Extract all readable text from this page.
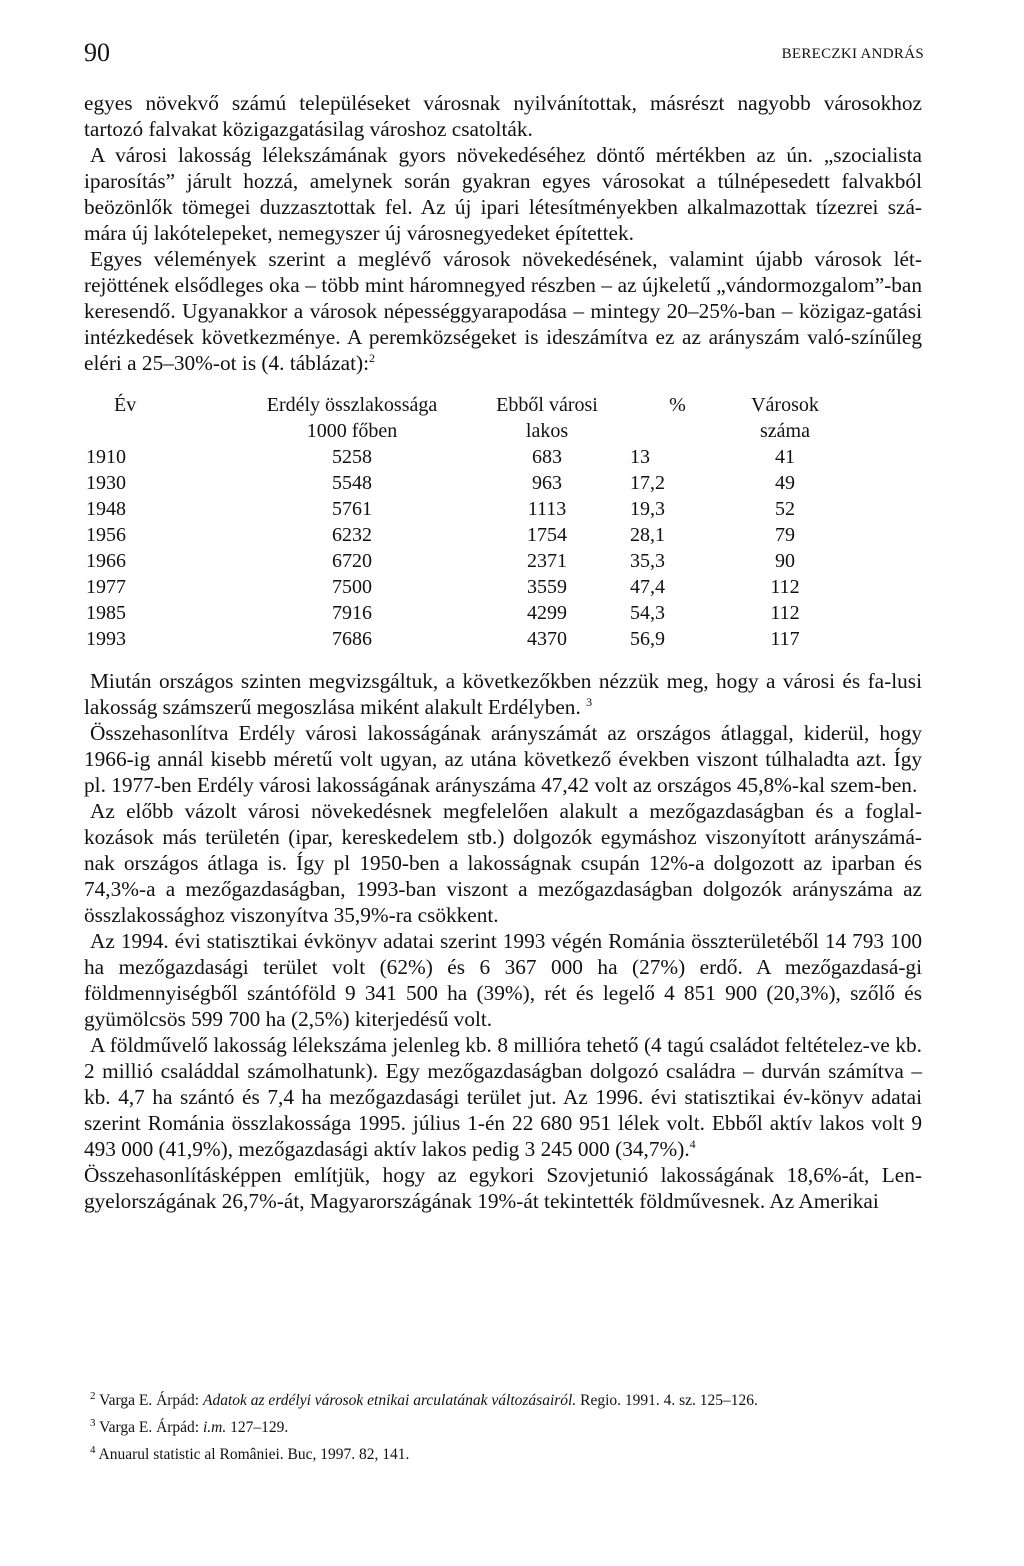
90	BERECZKI ANDRÁS

egyes növekvő számú településeket városnak nyilvánítottak, másrészt nagyobb városokhoz tartozó falvakat közigazgatásilag városhoz csatolták.

A városi lakosság lélekszámának gyors növekedéséhez döntő mértékben az ún. „szocialista iparosítás” járult hozzá, amelynek során gyakran egyes városokat a túlnépesedett falvakból beözönlők tömegei duzzasztottak fel. Az új ipari létesítményekben alkalmazottak tízezrei szá-mára új lakótelepeket, nemegyszer új városnegyedeket építettek.

Egyes vélemények szerint a meglévő városok növekedésének, valamint újabb városok lét-rejöttének elsődleges oka – több mint háromnegyed részben – az újkeletű „vándormozgalom”-ban keresendő. Ugyanakkor a városok népességgyarapodása – mintegy 20–25%-ban – közigaz-gatási intézkedések következménye. A peremközségeket is ideszámítva ez az arányszám való-színűleg eléri a 25–30%-ot is (4. táblázat):$^2$

Év	Erdély összlakossága	Ebből városi	%	Városok
	1000 főben	lakos		száma
1910	5258	683	13	41
1930	5548	963	17,2	49
1948	5761	1113	19,3	52
1956	6232	1754	28,1	79
1966	6720	2371	35,3	90
1977	7500	3559	47,4	112
1985	7916	4299	54,3	112
1993	7686	4370	56,9	117

Miután országos szinten megvizsgáltuk, a következőkben nézzük meg, hogy a városi és fa-lusi lakosság számszerű megoszlása miként alakult Erdélyben. $^3$

Összehasonlítva Erdély városi lakosságának arányszámát az országos átlaggal, kiderül, hogy 1966-ig annál kisebb méretű volt ugyan, az utána következő években viszont túlhaladta azt. Így pl. 1977-ben Erdély városi lakosságának arányszáma 47,42 volt az országos 45,8%-kal szem-ben.

Az előbb vázolt városi növekedésnek megfelelően alakult a mezőgazdaságban és a foglal-kozások más területén (ipar, kereskedelem stb.) dolgozók egymáshoz viszonyított arányszámá-nak országos átlaga is. Így pl 1950-ben a lakosságnak csupán 12%-a dolgozott az iparban és 74,3%-a a mezőgazdaságban, 1993-ban viszont a mezőgazdaságban dolgozók arányszáma az összlakossághoz viszonyítva 35,9%-ra csökkent.

Az 1994. évi statisztikai évkönyv adatai szerint 1993 végén Románia összterületéből 14 793 100 ha mezőgazdasági terület volt (62%) és 6 367 000 ha (27%) erdő. A mezőgazdasá-gi földmennyiségből szántóföld 9 341 500 ha (39%), rét és legelő 4 851 900 (20,3%), szőlő és gyümölcsös 599 700 ha (2,5%) kiterjedésű volt.

A földművelő lakosság lélekszáma jelenleg kb. 8 millióra tehető (4 tagú családot feltételez-ve kb. 2 millió családdal számolhatunk). Egy mezőgazdaságban dolgozó családra – durván számítva – kb. 4,7 ha szántó és 7,4 ha mezőgazdasági terület jut. Az 1996. évi statisztikai év-könyv adatai szerint Románia összlakossága 1995. július 1-én 22 680 951 lélek volt. Ebből aktív lakos volt 9 493 000 (41,9%), mezőgazdasági aktív lakos pedig 3 245 000 (34,7%).$^4$

Összehasonlításképpen említjük, hogy az egykori Szovjetunió lakosságának 18,6%-át, Len-gyelországának 26,7%-át, Magyarországának 19%-át tekintették földművesnek. Az Amerikai

$^2$ Varga E. Árpád: Adatok az erdélyi városok etnikai arculatának változásairól. Regio. 1991. 4. sz. 125–126.
$^3$ Varga E. Árpád: i.m. 127–129.
$^4$ Anuarul statistic al României. Buc, 1997. 82, 141.
